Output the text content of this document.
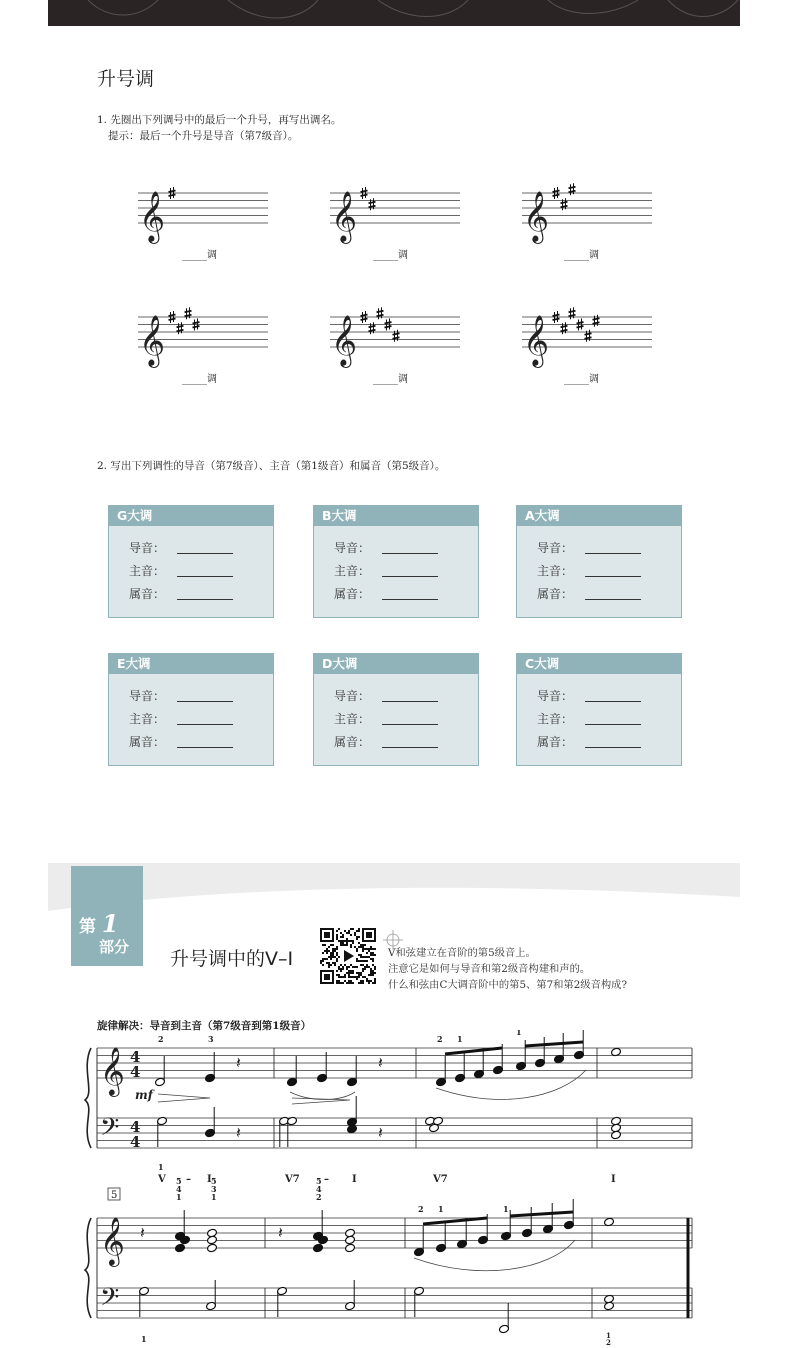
升号调
1. 先圈出下列调号中的最后一个升号，再写出调名。
提示：最后一个升号是导音（第7级音）。
𝄞	𝄞	𝄞
𝄞	𝄞	𝄞
_____调	_____调	_____调
_____调	_____调	_____调
2. 写出下列调性的导音（第7级音）、主音（第1级音）和属音（第5级音）。
G大调
导音：
主音：
属音：
B大调
导音：
主音：
属音：
A大调
导音：
主音：
属音：
E大调
导音：
主音：
属音：
D大调
导音：
主音：
属音：
C大调
导音：
主音：
属音：
第 1
部分
升号调中的V–I	V和弦建立在音阶的第5级音上。
注意它是如何与导音和第2级音构建和声的。
什么和弦由C大调音阶中的第5、第7和第2级音构成?
旋律解决：导音到主音（第7级音到第1级音）
𝄞
𝄢
4
4
4
4
𝄽
2	3
mf
𝄽
1
𝄽
𝄽
2 1
1
V – I	V7 – I	V7	I
𝄞
𝄢
5
5
4
1
5
3
1
5
4
2
𝄽	𝄽
2 1	1
1	1
2
